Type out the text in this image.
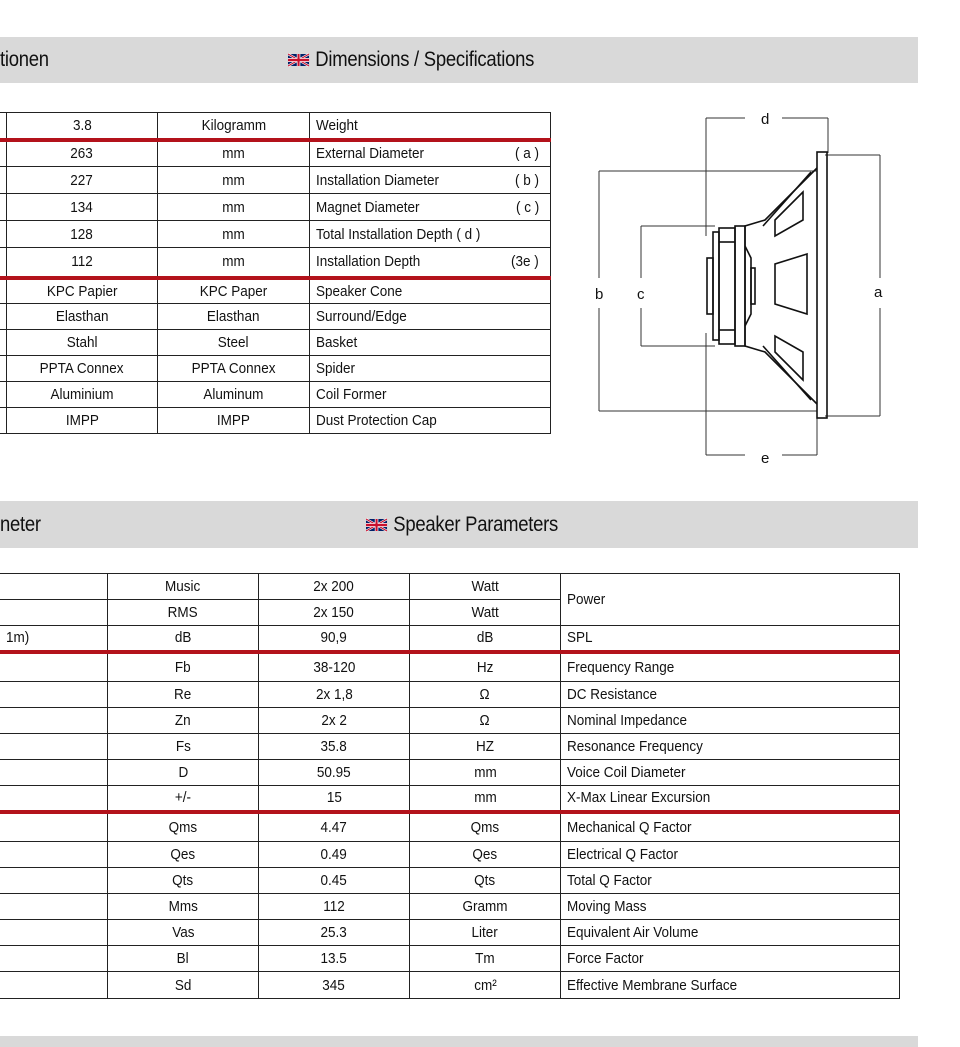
tionen	Dimensions / Specifications
	3.8	Kilogramm	Weight

	263	mm	External Diameter ( a )

	227	mm	Installation Diameter ( b )

	134	mm	Magnet Diameter ( c )

	128	mm	Total Installation Depth ( d )

	112	mm	Installation Depth (3e )

	KPC Papier	KPC Paper	Speaker Cone

	Elasthan	Elasthan	Surround/Edge

	Stahl	Steel	Basket

	PPTA Connex	PPTA Connex	Spider

	Aluminium	Aluminum	Coil Former

	IMPP	IMPP	Dust Protection Cap
d
e
b c	a
neter	Speaker Parameters
	Music	2x 200	Watt	Power
	RMS	2x 150	Watt	
1m)	dB	90,9	dB	SPL
	Fb	38-120	Hz	Frequency Range
	Re	2x 1,8	Ω	DC Resistance
	Zn	2x 2	Ω	Nominal Impedance
	Fs	35.8	HZ	Resonance Frequency
	D	50.95	mm	Voice Coil Diameter
	+/-	15	mm	X-Max Linear Excursion
	Qms	4.47	Qms	Mechanical Q Factor
	Qes	0.49	Qes	Electrical Q Factor
	Qts	0.45	Qts	Total Q Factor
	Mms	112	Gramm	Moving Mass
	Vas	25.3	Liter	Equivalent Air Volume
	Bl	13.5	Tm	Force Factor
	Sd	345	cm²	Effective Membrane Surface
